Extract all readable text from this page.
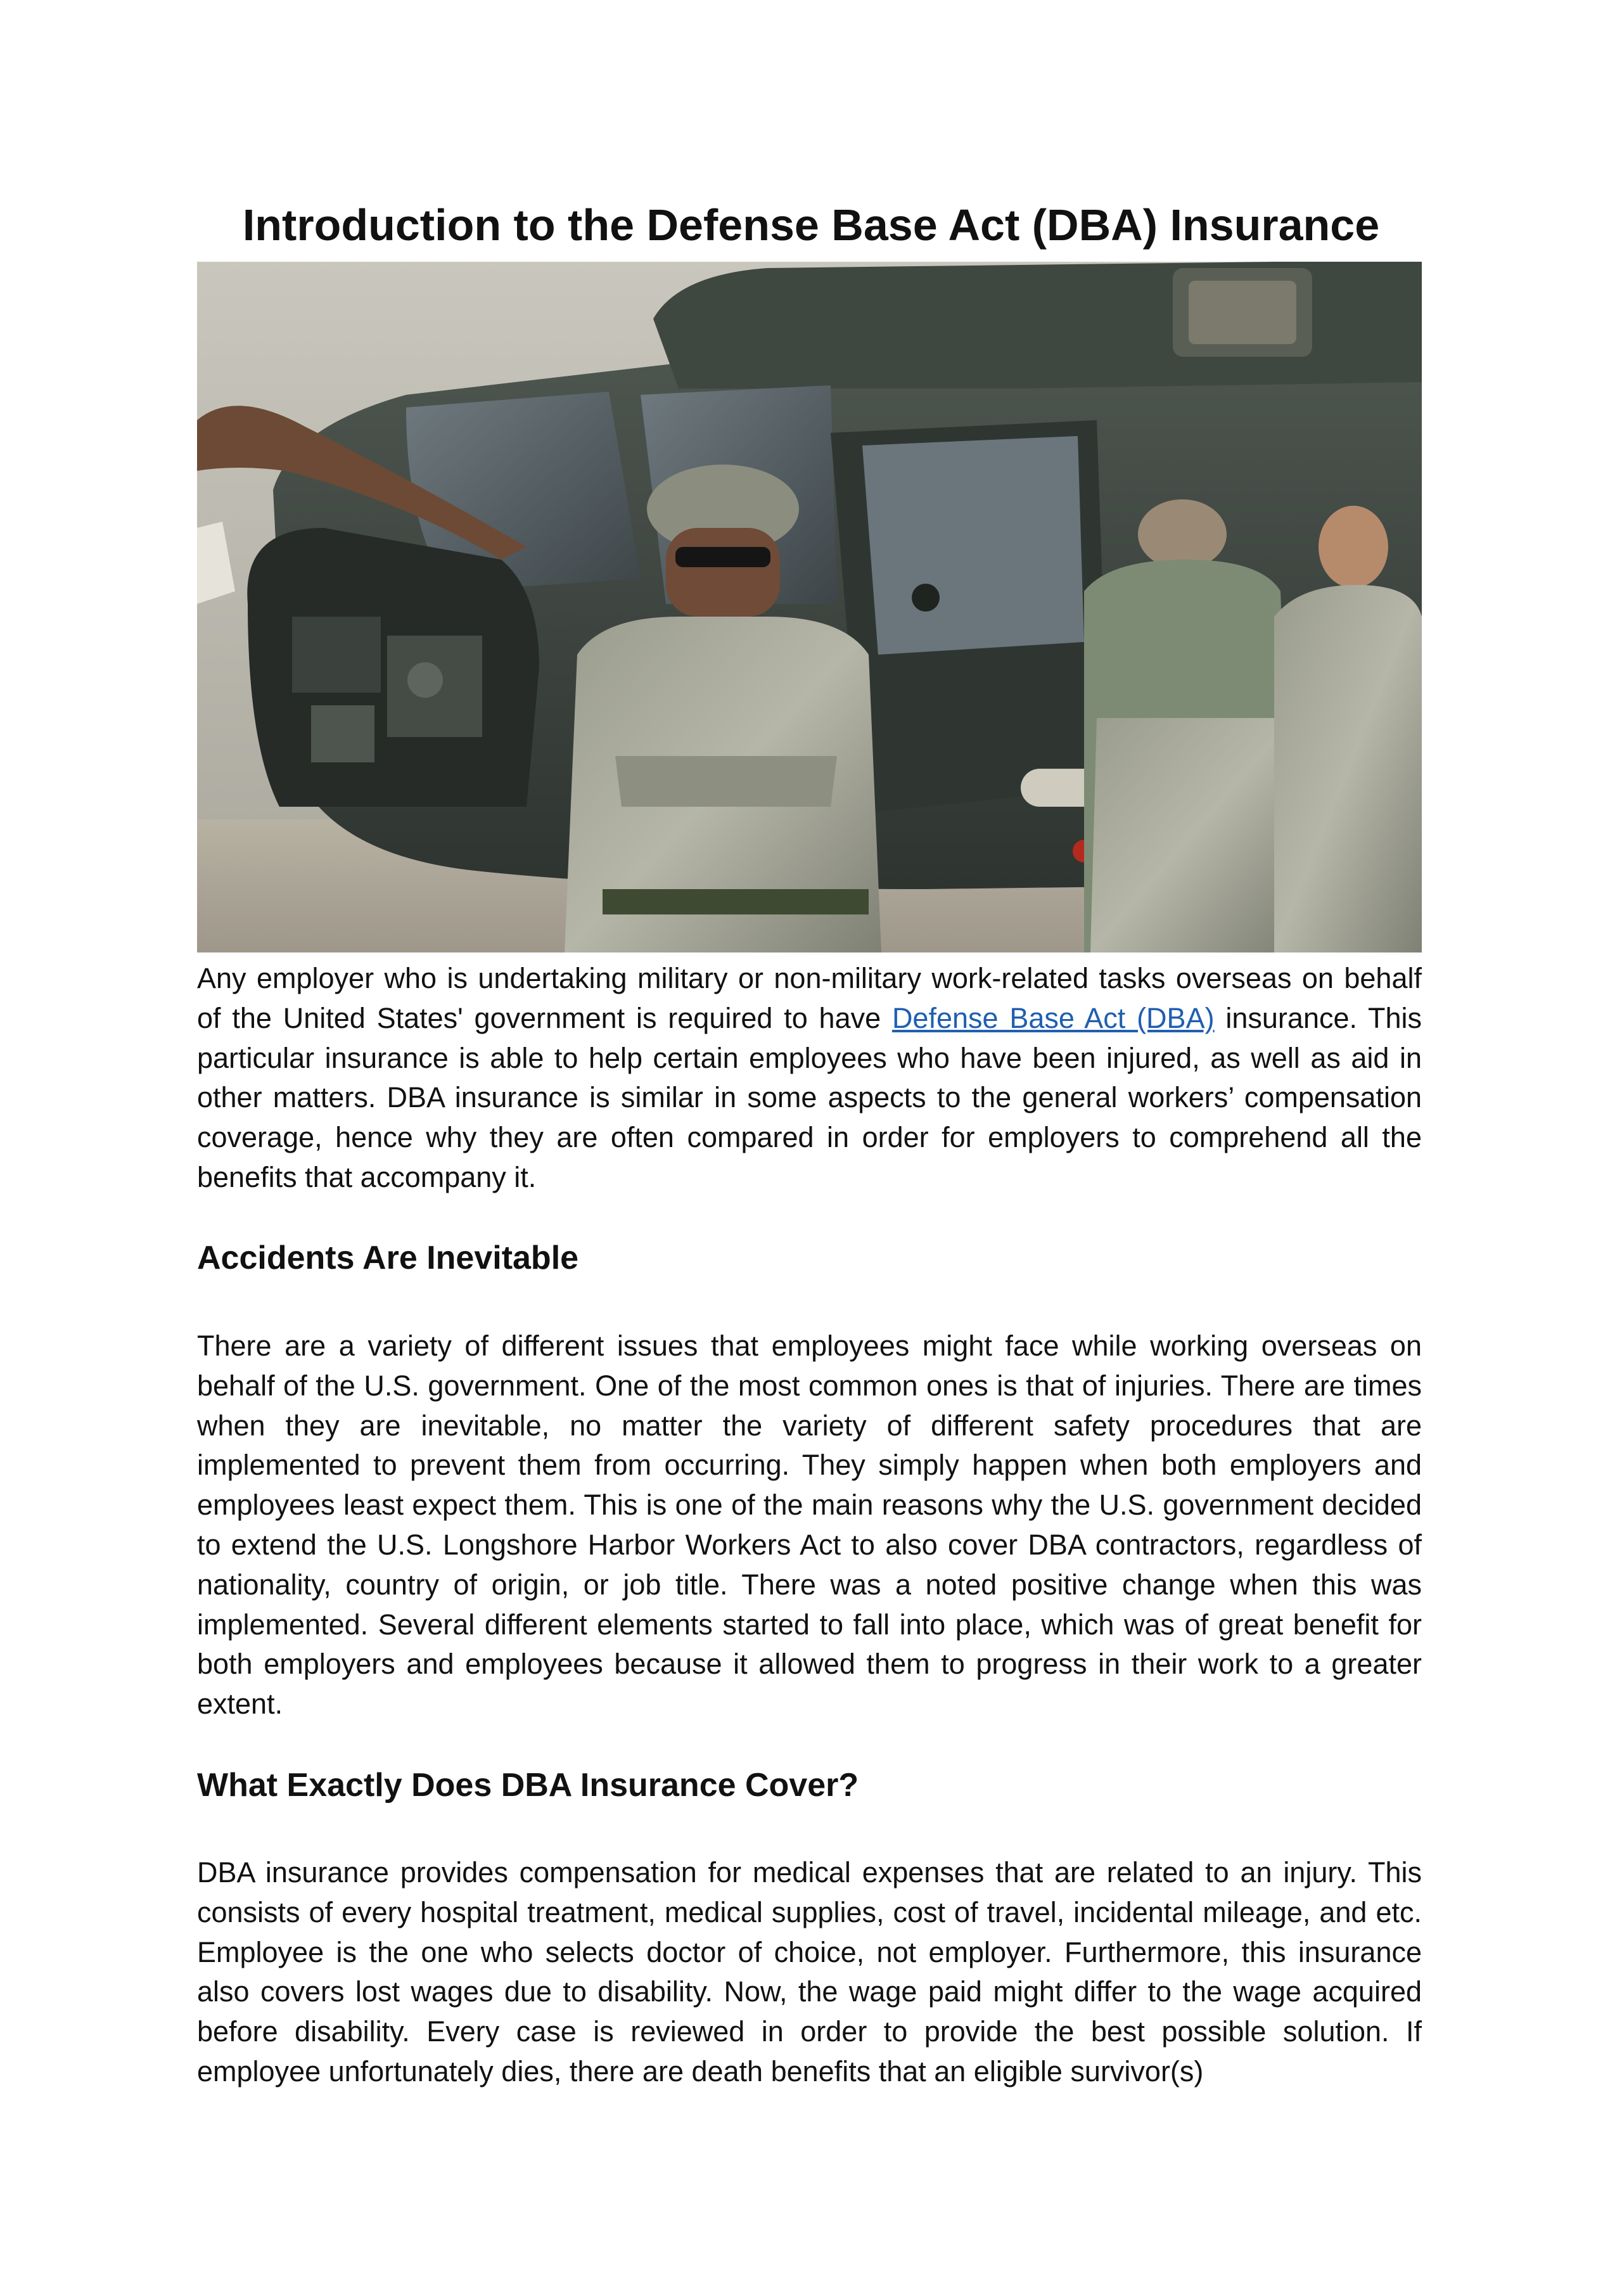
Introduction to the Defense Base Act (DBA) Insurance

Any employer who is undertaking military or non-military work-related tasks overseas on behalf of the United States' government is required to have Defense Base Act (DBA) insurance. This particular insurance is able to help certain employees who have been injured, as well as aid in other matters. DBA insurance is similar in some aspects to the general workers’ compensation coverage, hence why they are often compared in order for employers to comprehend all the benefits that accompany it.

Accidents Are Inevitable

There are a variety of different issues that employees might face while working overseas on behalf of the U.S. government. One of the most common ones is that of injuries. There are times when they are inevitable, no matter the variety of different safety procedures that are implemented to prevent them from occurring. They simply happen when both employers and employees least expect them. This is one of the main reasons why the U.S. government decided to extend the U.S. Longshore Harbor Workers Act to also cover DBA contractors, regardless of nationality, country of origin, or job title. There was a noted positive change when this was implemented. Several different elements started to fall into place, which was of great benefit for both employers and employees because it allowed them to progress in their work to a greater extent.

What Exactly Does DBA Insurance Cover?

DBA insurance provides compensation for medical expenses that are related to an injury. This consists of every hospital treatment, medical supplies, cost of travel, incidental mileage, and etc. Employee is the one who selects doctor of choice, not employer. Furthermore, this insurance also covers lost wages due to disability. Now, the wage paid might differ to the wage acquired before disability. Every case is reviewed in order to provide the best possible solution. If employee unfortunately dies, there are death benefits that an eligible survivor(s)
